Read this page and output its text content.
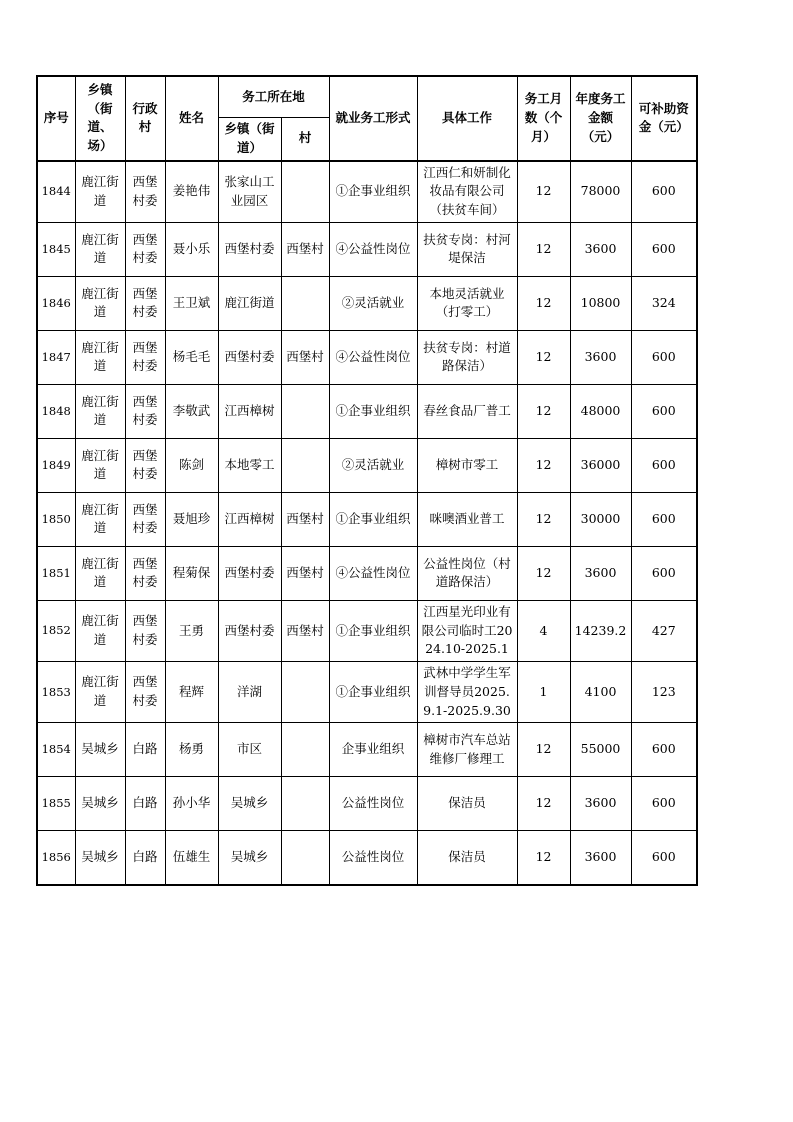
序号	乡镇（街道、场）	行政村	姓名	务工所在地		就业务工形式	具体工作	务工月数（个月）	年度务工金额（元）	可补助资金（元）
				乡镇（街道）	村					
1844	鹿江街道	西堡村委	姜艳伟	张家山工业园区		①企事业组织	江西仁和妍制化妆品有限公司（扶贫车间）	12	78000	600
1845	鹿江街道	西堡村委	聂小乐	西堡村委	西堡村	④公益性岗位	扶贫专岗：村河堤保洁	12	3600	600
1846	鹿江街道	西堡村委	王卫斌	鹿江街道		②灵活就业	本地灵活就业（打零工）	12	10800	324
1847	鹿江街道	西堡村委	杨毛毛	西堡村委	西堡村	④公益性岗位	扶贫专岗：村道路保洁）	12	3600	600
1848	鹿江街道	西堡村委	李敬武	江西樟树		①企事业组织	春丝食品厂普工	12	48000	600
1849	鹿江街道	西堡村委	陈剑	本地零工		②灵活就业	樟树市零工	12	36000	600
1850	鹿江街道	西堡村委	聂旭珍	江西樟树	西堡村	①企事业组织	咪噢酒业普工	12	30000	600
1851	鹿江街道	西堡村委	程菊保	西堡村委	西堡村	④公益性岗位	公益性岗位（村道路保洁）	12	3600	600
1852	鹿江街道	西堡村委	王勇	西堡村委	西堡村	①企事业组织	江西星光印业有限公司临时工2024.10-2025.1	4	14239.2	427
1853	鹿江街道	西堡村委	程辉	洋湖		①企事业组织	武林中学学生军训督导员2025.9.1-2025.9.30	1	4100	123
1854	吴城乡	白路	杨勇	市区		企事业组织	樟树市汽车总站维修厂修理工	12	55000	600
1855	吴城乡	白路	孙小华	吴城乡		公益性岗位	保洁员	12	3600	600
1856	吴城乡	白路	伍雄生	吴城乡		公益性岗位	保洁员	12	3600	600
